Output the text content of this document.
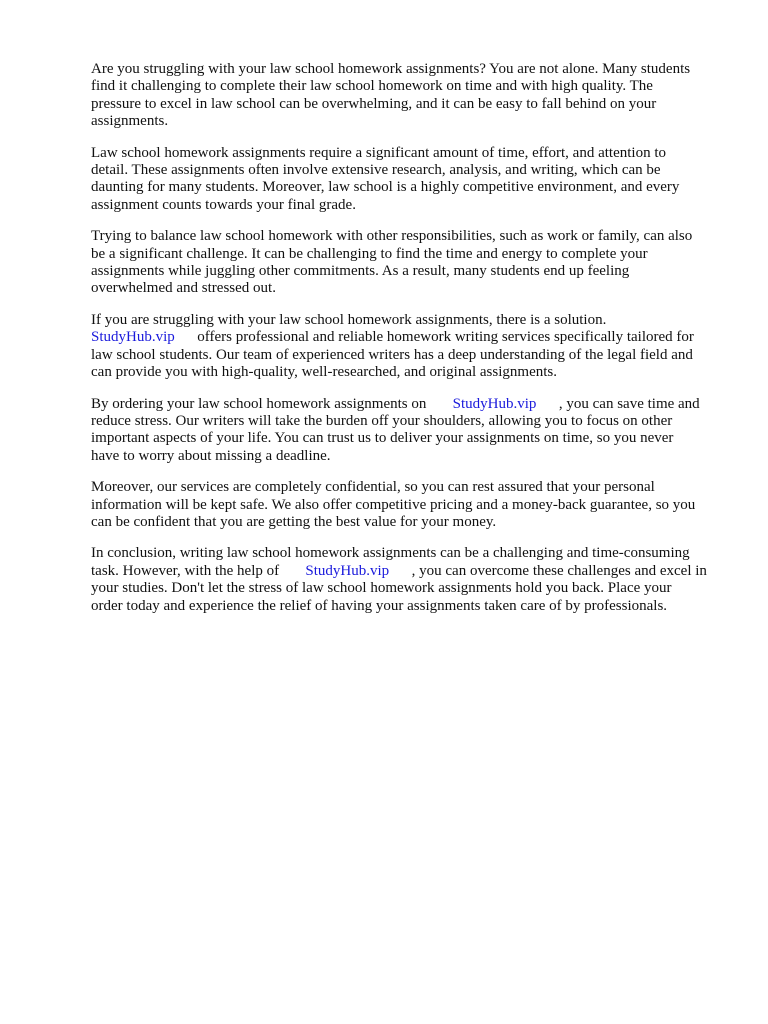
Are you struggling with your law school homework assignments? You are not alone. Many students
find it challenging to complete their law school homework on time and with high quality. The
pressure to excel in law school can be overwhelming, and it can be easy to fall behind on your
assignments.

Law school homework assignments require a significant amount of time, effort, and attention to
detail. These assignments often involve extensive research, analysis, and writing, which can be
daunting for many students. Moreover, law school is a highly competitive environment, and every
assignment counts towards your final grade.

Trying to balance law school homework with other responsibilities, such as work or family, can also
be a significant challenge. It can be challenging to find the time and energy to complete your
assignments while juggling other commitments. As a result, many students end up feeling
overwhelmed and stressed out.

If you are struggling with your law school homework assignments, there is a solution.
StudyHub.vip      offers professional and reliable homework writing services specifically tailored for
law school students. Our team of experienced writers has a deep understanding of the legal field and
can provide you with high-quality, well-researched, and original assignments.

By ordering your law school homework assignments on       StudyHub.vip      , you can save time and
reduce stress. Our writers will take the burden off your shoulders, allowing you to focus on other
important aspects of your life. You can trust us to deliver your assignments on time, so you never
have to worry about missing a deadline.

Moreover, our services are completely confidential, so you can rest assured that your personal
information will be kept safe. We also offer competitive pricing and a money-back guarantee, so you
can be confident that you are getting the best value for your money.

In conclusion, writing law school homework assignments can be a challenging and time-consuming
task. However, with the help of       StudyHub.vip      , you can overcome these challenges and excel in
your studies. Don't let the stress of law school homework assignments hold you back. Place your
order today and experience the relief of having your assignments taken care of by professionals.
